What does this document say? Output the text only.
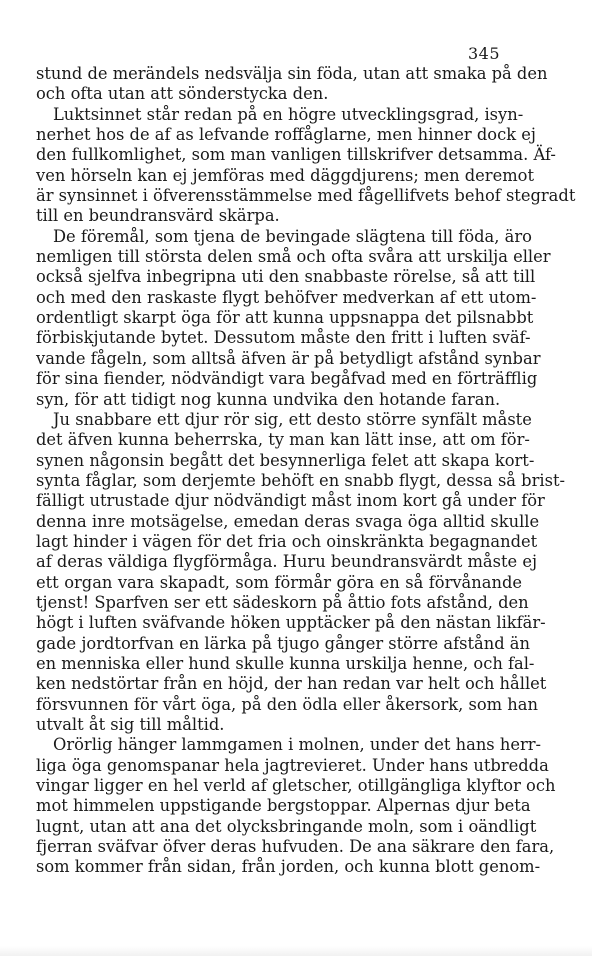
345
stund de merändels nedsvälja sin föda, utan att smaka på den
och ofta utan att sönderstycka den.
Luktsinnet står redan på en högre utvecklingsgrad, isyn-
nerhet hos de af as lefvande roffåglarne, men hinner dock ej
den fullkomlighet, som man vanligen tillskrifver detsamma. Äf-
ven hörseln kan ej jemföras med däggdjurens; men deremot
är synsinnet i öfverensstämmelse med fågellifvets behof stegradt
till en beundransvärd skärpa.
De föremål, som tjena de bevingade slägtena till föda, äro
nemligen till största delen små och ofta svåra att urskilja eller
också sjelfva inbegripna uti den snabbaste rörelse, så att till
och med den raskaste flygt behöfver medverkan af ett utom-
ordentligt skarpt öga för att kunna uppsnappa det pilsnabbt
förbiskjutande bytet. Dessutom måste den fritt i luften sväf-
vande fågeln, som alltså äfven är på betydligt afstånd synbar
för sina fiender, nödvändigt vara begåfvad med en förträfflig
syn, för att tidigt nog kunna undvika den hotande faran.
Ju snabbare ett djur rör sig, ett desto större synfält måste
det äfven kunna beherrska, ty man kan lätt inse, att om för-
synen någonsin begått det besynnerliga felet att skapa kort-
synta fåglar, som derjemte behöft en snabb flygt, dessa så brist-
fälligt utrustade djur nödvändigt måst inom kort gå under för
denna inre motsägelse, emedan deras svaga öga alltid skulle
lagt hinder i vägen för det fria och oinskränkta begagnandet
af deras väldiga flygförmåga. Huru beundransvärdt måste ej
ett organ vara skapadt, som förmår göra en så förvånande
tjenst! Sparfven ser ett sädeskorn på åttio fots afstånd, den
högt i luften sväfvande höken upptäcker på den nästan likfär-
gade jordtorfvan en lärka på tjugo gånger större afstånd än
en menniska eller hund skulle kunna urskilja henne, och fal-
ken nedstörtar från en höjd, der han redan var helt och hållet
försvunnen för vårt öga, på den ödla eller åkersork, som han
utvalt åt sig till måltid.
Orörlig hänger lammgamen i molnen, under det hans herr-
liga öga genomspanar hela jagtrevieret. Under hans utbredda
vingar ligger en hel verld af gletscher, otillgängliga klyftor och
mot himmelen uppstigande bergstoppar. Alpernas djur beta
lugnt, utan att ana det olycksbringande moln, som i oändligt
fjerran sväfvar öfver deras hufvuden. De ana säkrare den fara,
som kommer från sidan, från jorden, och kunna blott genom-
